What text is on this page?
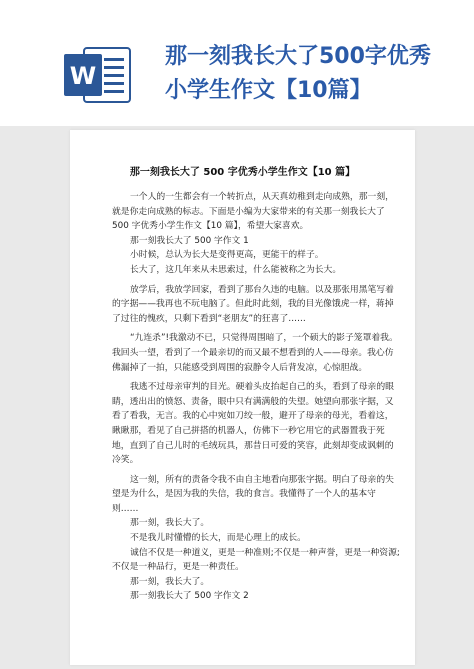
W
那一刻我长大了500字优秀
小学生作文【10篇】
那一刻我长大了 500 字优秀小学生作文【10 篇】

一个人的一生都会有一个转折点，从天真幼稚到走向成熟，那一刻，就是你走向成熟的标志。下面是小编为大家带来的有关那一刻我长大了 500 字优秀小学生作文【10 篇】，希望大家喜欢。

那一刻我长大了 500 字作文 1

小时候，总认为长大是变得更高，更能干的样子。

长大了，这几年来从未思索过，什么能被称之为长大。

放学后，我放学回家，看到了那台久违的电脑。以及那张用黑笔写着的字据——我再也不玩电脑了。但此时此刻，我的目光像饿虎一样，蒋掉了过往的愧疚，只剩下看到“老朋友”的狂喜了……

“九连杀”!我激动不已，只觉得周围暗了，一个硕大的影子笼罩着我。我回头一望，看到了一个最亲切的而又最不想看到的人——母亲。我心仿佛漏掉了一拍，只能感受到周围的寂静令人后背发凉，心惊胆战。

我逃不过母亲审判的目光。硬着头皮抬起自己的头，看到了母亲的眼睛，透出出的愤怒、责备，眼中只有满满般的失望。她望向那张字据，又看了看我，无言。我的心中宛如刀绞一般，避开了母亲的母光，看着这，瞅瞅那，看见了自己拼搭的机器人，仿佛下一秒它用它的武器置我于死地，直到了自己儿时的毛绒玩具，那昔日可爱的笑容，此刻却变成讽刺的冷笑。

这一刻，所有的责备令我不由自主地看向那张字据。明白了母亲的失望是为什么，是因为我的失信，我的食言。我懂得了一个人的基本守则……

那一刻，我长大了。

不是我儿时懂懵的长大，而是心理上的成长。

诚信不仅是一种道义，更是一种准则;不仅是一种声誉，更是一种资源;不仅是一种品行，更是一种责任。

那一刻，我长大了。

那一刻我长大了 500 字作文 2
